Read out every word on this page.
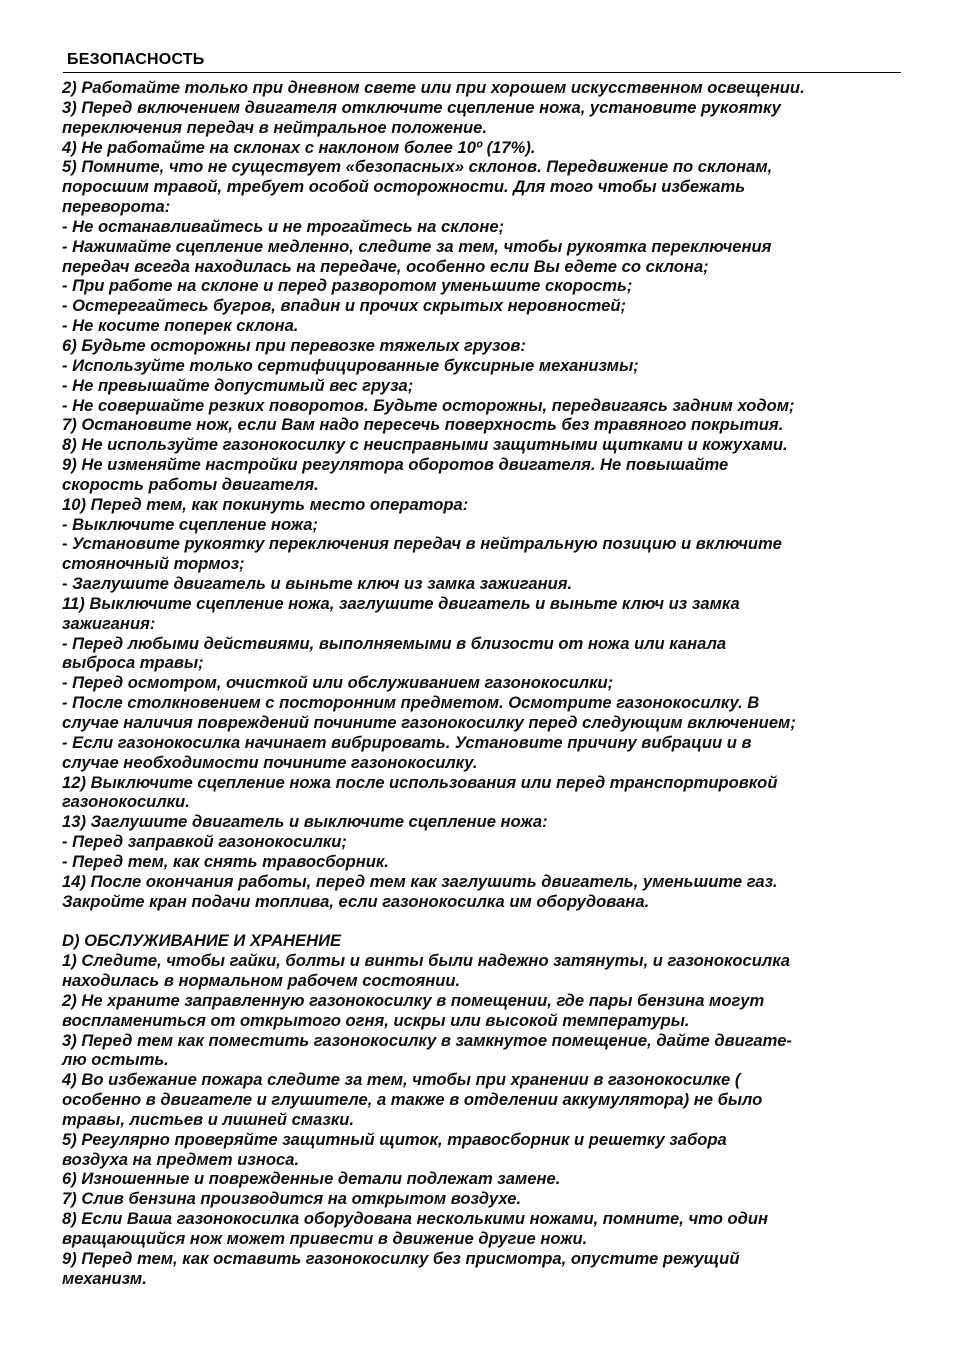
БЕЗОПАСНОСТЬ
2) Работайте только при дневном свете или при хорошем искусственном освещении.
3) Перед включением двигателя отключите сцепление ножа, установите рукоятку
переключения передач в нейтральное положение.
4) Не работайте на склонах с наклоном более 10º (17%).
5) Помните, что не существует «безопасных» склонов. Передвижение по склонам,
поросшим травой, требует особой осторожности. Для того чтобы избежать
переворота:
- Не останавливайтесь и не трогайтесь на склоне;
- Нажимайте сцепление медленно, следите за тем, чтобы рукоятка переключения
передач всегда находилась на передаче, особенно если Вы едете со склона;
- При работе на склоне и перед разворотом уменьшите скорость;
- Остерегайтесь бугров, впадин и прочих скрытых неровностей;
- Не косите поперек склона.
6) Будьте осторожны при перевозке тяжелых грузов:
- Используйте только сертифицированные буксирные механизмы;
- Не превышайте допустимый вес груза;
- Не совершайте резких поворотов. Будьте осторожны, передвигаясь задним ходом;
7) Остановите нож, если Вам надо пересечь поверхность без травяного покрытия.
8) Не используйте газонокосилку с неисправными защитными щитками и кожухами.
9) Не изменяйте настройки регулятора оборотов двигателя. Не повышайте
скорость работы двигателя.
10) Перед тем, как покинуть место оператора:
- Выключите сцепление ножа;
- Установите рукоятку переключения передач в нейтральную позицию и включите
стояночный тормоз;
- Заглушите двигатель и выньте ключ из замка зажигания.
11) Выключите сцепление ножа, заглушите двигатель и выньте ключ из замка
зажигания:
- Перед любыми действиями, выполняемыми в близости от ножа или канала
выброса травы;
- Перед осмотром, очисткой или обслуживанием газонокосилки;
- После столкновением с посторонним предметом. Осмотрите газонокосилку. В
случае наличия повреждений почините газонокосилку перед следующим включением;
- Если газонокосилка начинает вибрировать. Установите причину вибрации и в
случае необходимости почините газонокосилку.
12) Выключите сцепление ножа после использования или перед транспортировкой
газонокосилки.
13) Заглушите двигатель и выключите сцепление ножа:
- Перед заправкой газонокосилки;
- Перед тем, как снять травосборник.
14) После окончания работы, перед тем как заглушить двигатель, уменьшите газ.
Закройте кран подачи топлива, если газонокосилка им оборудована.
D) ОБСЛУЖИВАНИЕ И ХРАНЕНИЕ
1) Следите, чтобы гайки, болты и винты были надежно затянуты, и газонокосилка
находилась в нормальном рабочем состоянии.
2) Не храните заправленную газонокосилку в помещении, где пары бензина могут
воспламениться от открытого огня, искры или высокой температуры.
3) Перед тем как поместить газонокосилку в замкнутое помещение, дайте двигате-
лю остыть.
4) Во избежание пожара следите за тем, чтобы при хранении в газонокосилке (
особенно в двигателе и глушителе, а также в отделении аккумулятора) не было
травы, листьев и лишней смазки.
5) Регулярно проверяйте защитный щиток, травосборник и решетку забора
воздуха на предмет износа.
6) Изношенные и поврежденные детали подлежат замене.
7) Слив бензина производится на открытом воздухе.
8) Если Ваша газонокосилка оборудована несколькими ножами, помните, что один
вращающийся нож может привести в движение другие ножи.
9) Перед тем, как оставить газонокосилку без присмотра, опустите режущий
механизм.
